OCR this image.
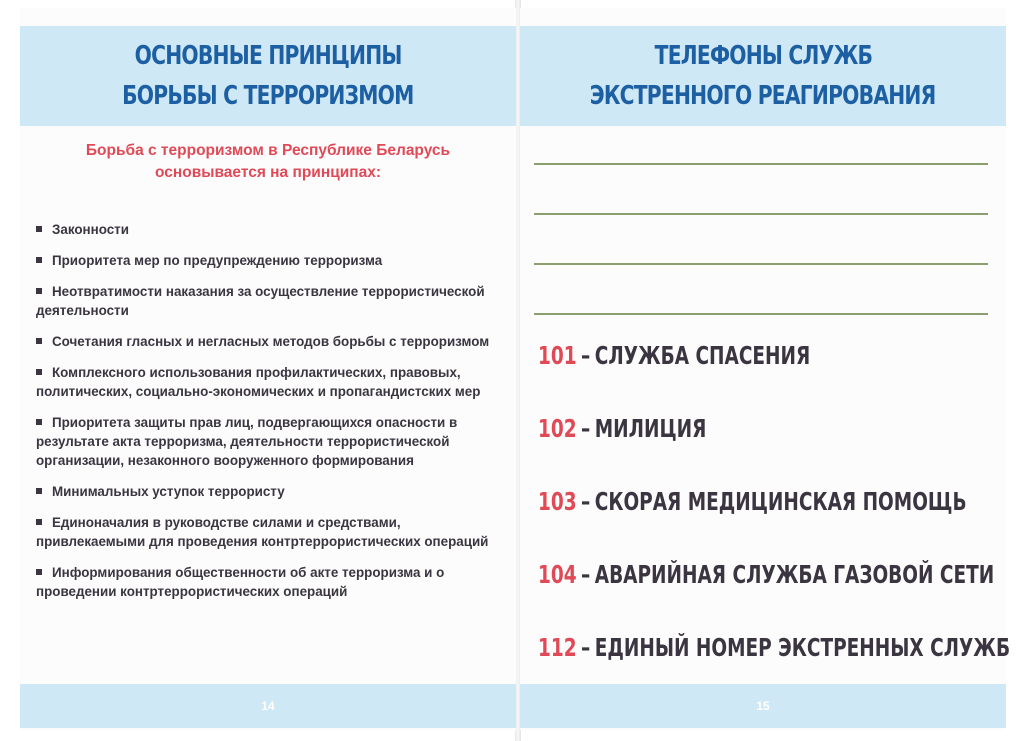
ОСНОВНЫЕ ПРИНЦИПЫ
БОРЬБЫ С ТЕРРОРИЗМОМ
Борьба с терроризмом в Республике Беларусь
основывается на принципах:
Законности
Приоритета мер по предупреждению терроризма
Неотвратимости наказания за осуществление террористической деятельности
Сочетания гласных и негласных методов борьбы с терроризмом
Комплексного использования профилактических, правовых, политических, социально-экономических и пропагандистских мер
Приоритета защиты прав лиц, подвергающихся опасности в результате акта терроризма, деятельности террористической организации, незаконного вооруженного формирования
Минимальных уступок террористу
Единоначалия в руководстве силами и средствами, привлекаемыми для проведения контртеррористических операций
Информирования общественности об акте терроризма и о проведении контртеррористических операций
14
ТЕЛЕФОНЫ СЛУЖБ
ЭКСТРЕННОГО РЕАГИРОВАНИЯ
101 – СЛУЖБА СПАСЕНИЯ
102 – МИЛИЦИЯ
103 – СКОРАЯ МЕДИЦИНСКАЯ ПОМОЩЬ
104 – АВАРИЙНАЯ СЛУЖБА ГАЗОВОЙ СЕТИ
112 – ЕДИНЫЙ НОМЕР ЭКСТРЕННЫХ СЛУЖБ
15
